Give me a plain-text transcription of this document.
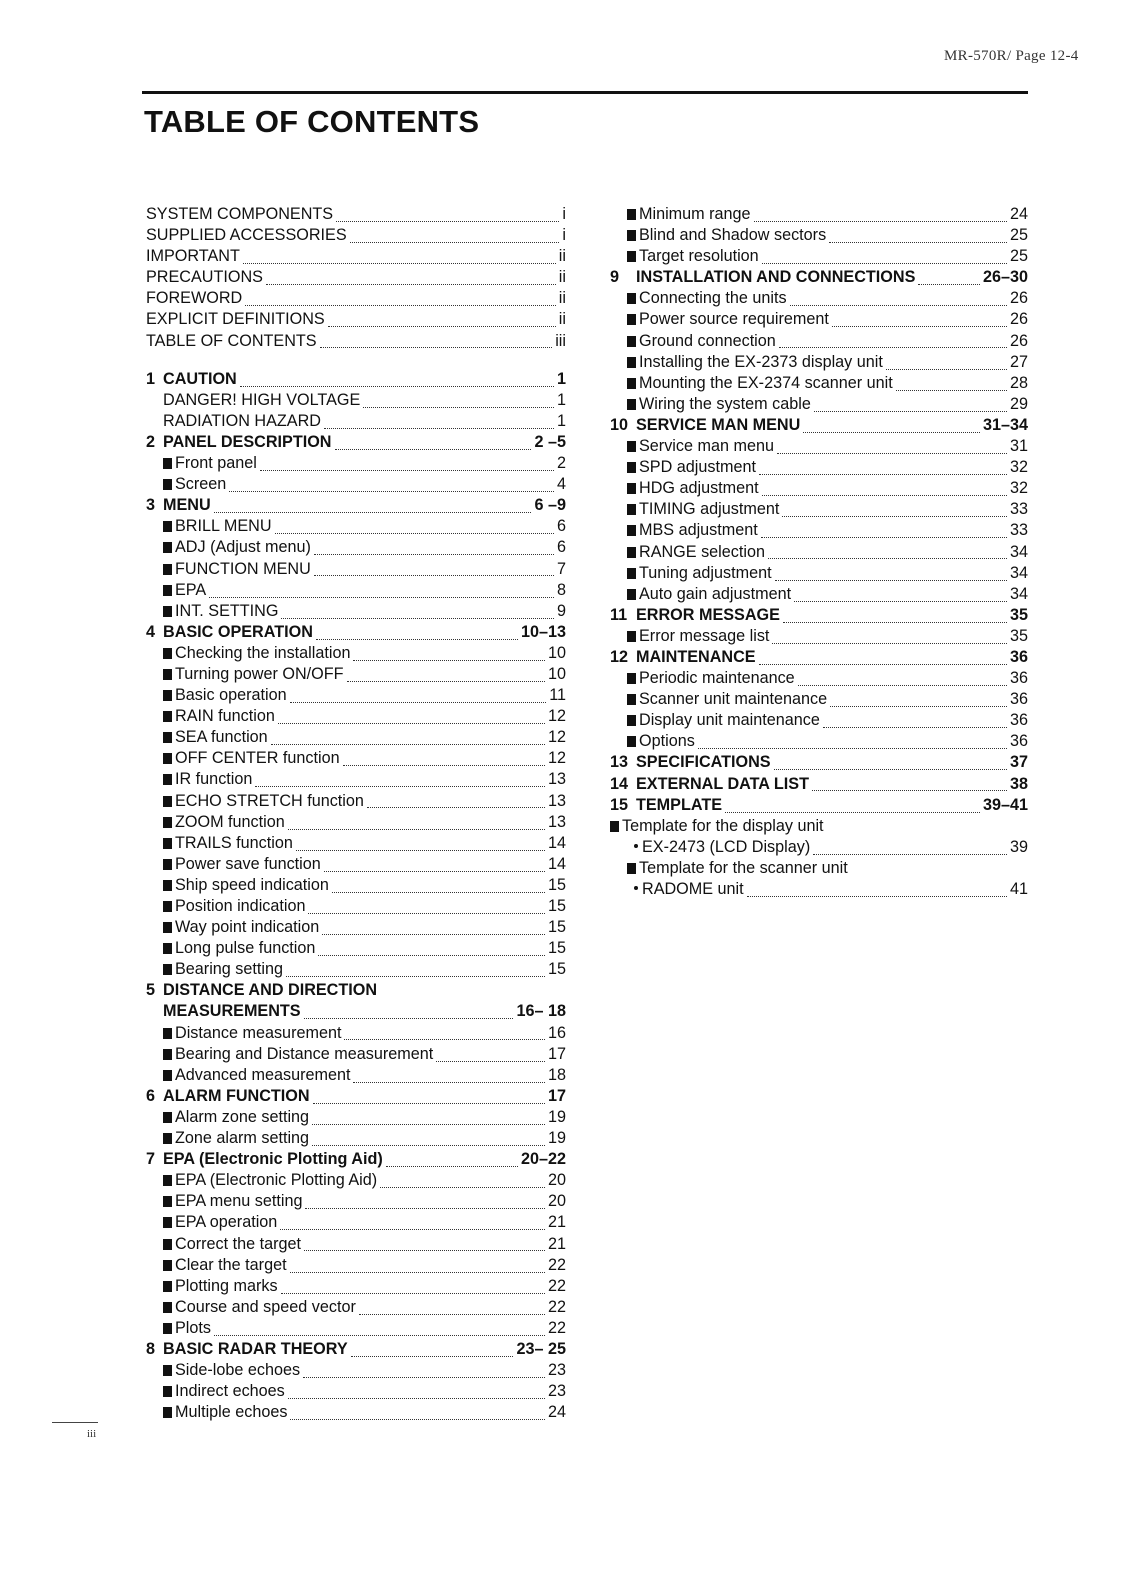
MR-570R/ Page 12-4
TABLE OF CONTENTS
SYSTEM COMPONENTS	i
SUPPLIED ACCESSORIES	i
IMPORTANT	ii
PRECAUTIONS	ii
FOREWORD	ii
EXPLICIT DEFINITIONS	ii
TABLE OF CONTENTS	iii
1 CAUTION	1
DANGER! HIGH VOLTAGE	1
RADIATION HAZARD	1
2 PANEL DESCRIPTION	2 –5
Front panel	2
Screen	4
3 MENU	6 –9
BRILL MENU	6
ADJ (Adjust menu)	6
FUNCTION MENU	7
EPA	8
INT. SETTING	9
4 BASIC OPERATION	10–13
Checking the installation	10
Turning power ON/OFF	10
Basic operation	11
RAIN function	12
SEA function	12
OFF CENTER function	12
IR function	13
ECHO STRETCH function	13
ZOOM function	13
TRAILS function	14
Power save function	14
Ship speed indication	15
Position indication	15
Way point indication	15
Long pulse function	15
Bearing setting	15
5 DISTANCE AND DIRECTION
MEASUREMENTS	16– 18
Distance measurement	16
Bearing and Distance measurement	17
Advanced measurement	18
6 ALARM FUNCTION	17
Alarm zone setting	19
Zone alarm setting	19
7 EPA (Electronic Plotting Aid)	20–22
EPA (Electronic Plotting Aid)	20
EPA menu setting	20
EPA operation	21
Correct the target	21
Clear the target	22
Plotting marks	22
Course and speed vector	22
Plots	22
8 BASIC RADAR THEORY	23– 25
Side-lobe echoes	23
Indirect echoes	23
Multiple echoes	24
Minimum range	24
Blind and Shadow sectors	25
Target resolution	25
9	INSTALLATION AND CONNECTIONS	26–30
Connecting the units	26
Power source requirement	26
Ground connection	26
Installing the EX-2373 display unit	27
Mounting the EX-2374 scanner unit	28
Wiring the system cable	29
10 SERVICE MAN MENU	31–34
Service man menu	31
SPD adjustment	32
HDG adjustment	32
TIMING adjustment	33
MBS adjustment	33
RANGE selection	34
Tuning adjustment	34
Auto gain adjustment	34
11 ERROR MESSAGE	35
Error message list	35
12 MAINTENANCE	36
Periodic maintenance	36
Scanner unit maintenance	36
Display unit maintenance	36
Options	36
13 SPECIFICATIONS	37
14 EXTERNAL DATA LIST	38
15 TEMPLATE	39–41
Template for the display unit
EX-2473 (LCD Display)	39
Template for the scanner unit
RADOME unit	41
iii
